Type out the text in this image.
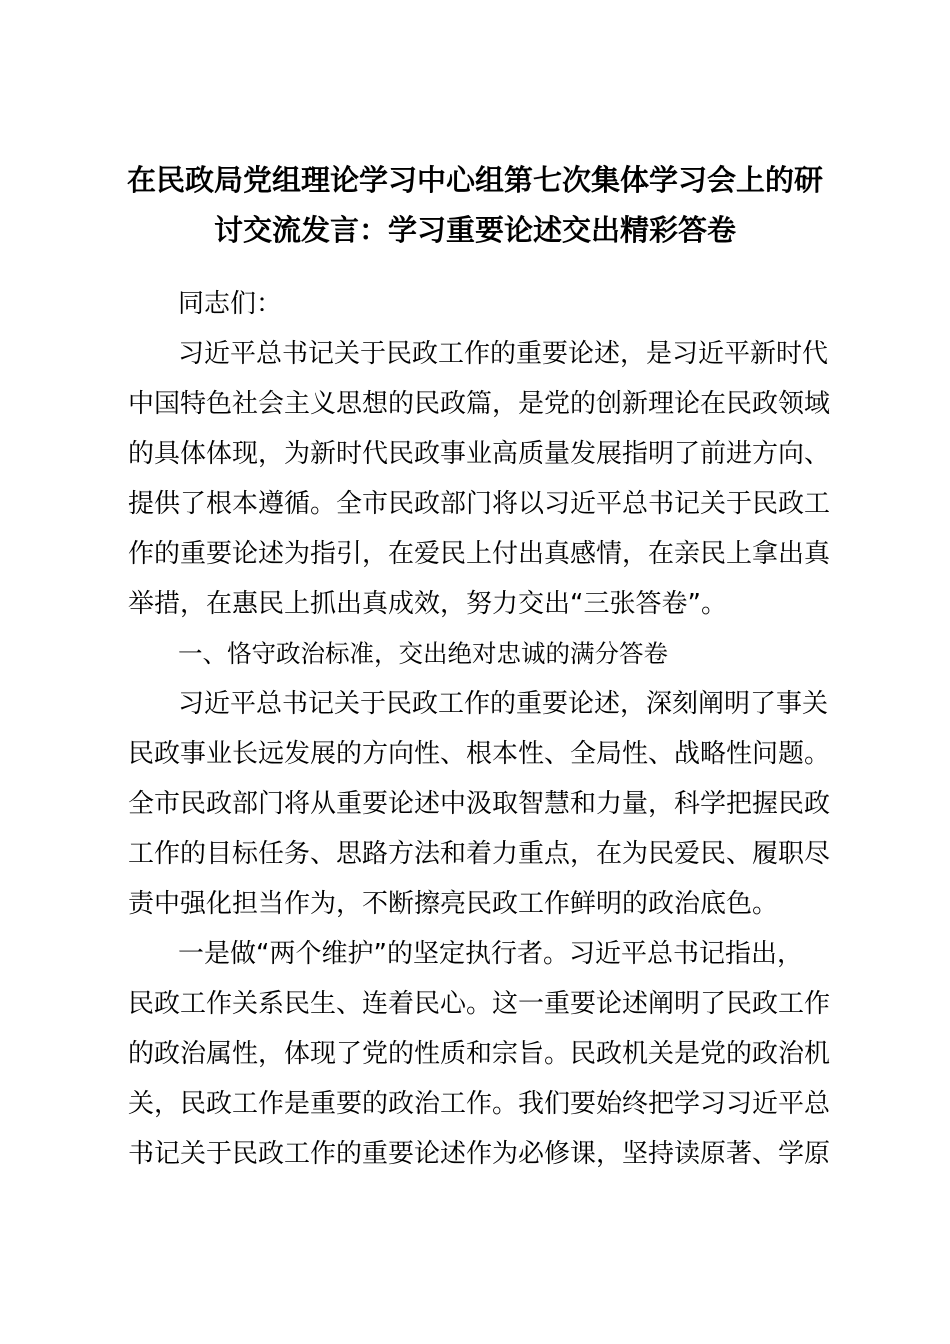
在民政局党组理论学习中心组第七次集体学习会上的研
讨交流发言：学习重要论述交出精彩答卷

同志们：

习近平总书记关于民政工作的重要论述，是习近平新时代

中国特色社会主义思想的民政篇，是党的创新理论在民政领域

的具体体现，为新时代民政事业高质量发展指明了前进方向、

提供了根本遵循。全市民政部门将以习近平总书记关于民政工

作的重要论述为指引，在爱民上付出真感情，在亲民上拿出真

举措，在惠民上抓出真成效，努力交出“三张答卷”。

一、恪守政治标准，交出绝对忠诚的满分答卷

习近平总书记关于民政工作的重要论述，深刻阐明了事关

民政事业长远发展的方向性、根本性、全局性、战略性问题。

全市民政部门将从重要论述中汲取智慧和力量，科学把握民政

工作的目标任务、思路方法和着力重点，在为民爱民、履职尽

责中强化担当作为，不断擦亮民政工作鲜明的政治底色。

一是做“两个维护”的坚定执行者。习近平总书记指出，

民政工作关系民生、连着民心。这一重要论述阐明了民政工作

的政治属性，体现了党的性质和宗旨。民政机关是党的政治机

关，民政工作是重要的政治工作。我们要始终把学习习近平总

书记关于民政工作的重要论述作为必修课，坚持读原著、学原
